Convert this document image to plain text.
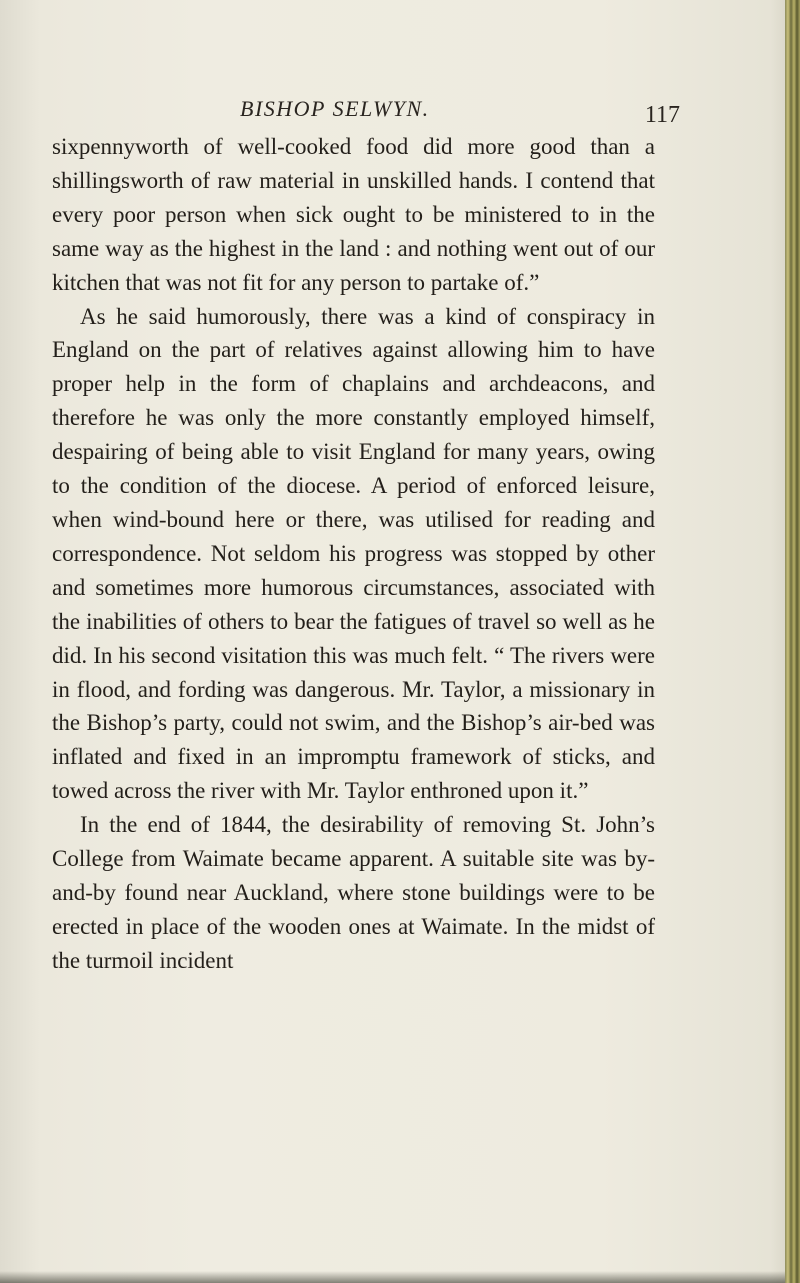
BISHOP SELWYN.	117

sixpennyworth of well-cooked food did more good than a shillingsworth of raw material in unskilled hands. I contend that every poor person when sick ought to be ministered to in the same way as the highest in the land : and nothing went out of our kitchen that was not fit for any person to partake of.”

As he said humorously, there was a kind of conspiracy in England on the part of relatives against allowing him to have proper help in the form of chaplains and archdeacons, and therefore he was only the more constantly employed himself, despairing of being able to visit England for many years, owing to the condition of the diocese. A period of enforced leisure, when wind-bound here or there, was utilised for reading and correspondence. Not seldom his progress was stopped by other and sometimes more humorous circumstances, associated with the inabilities of others to bear the fatigues of travel so well as he did. In his second visitation this was much felt. “ The rivers were in flood, and fording was dangerous. Mr. Taylor, a missionary in the Bishop’s party, could not swim, and the Bishop’s air-bed was inflated and fixed in an impromptu framework of sticks, and towed across the river with Mr. Taylor enthroned upon it.”

In the end of 1844, the desirability of removing St. John’s College from Waimate became apparent. A suitable site was by-and-by found near Auckland, where stone buildings were to be erected in place of the wooden ones at Waimate. In the midst of the turmoil incident
